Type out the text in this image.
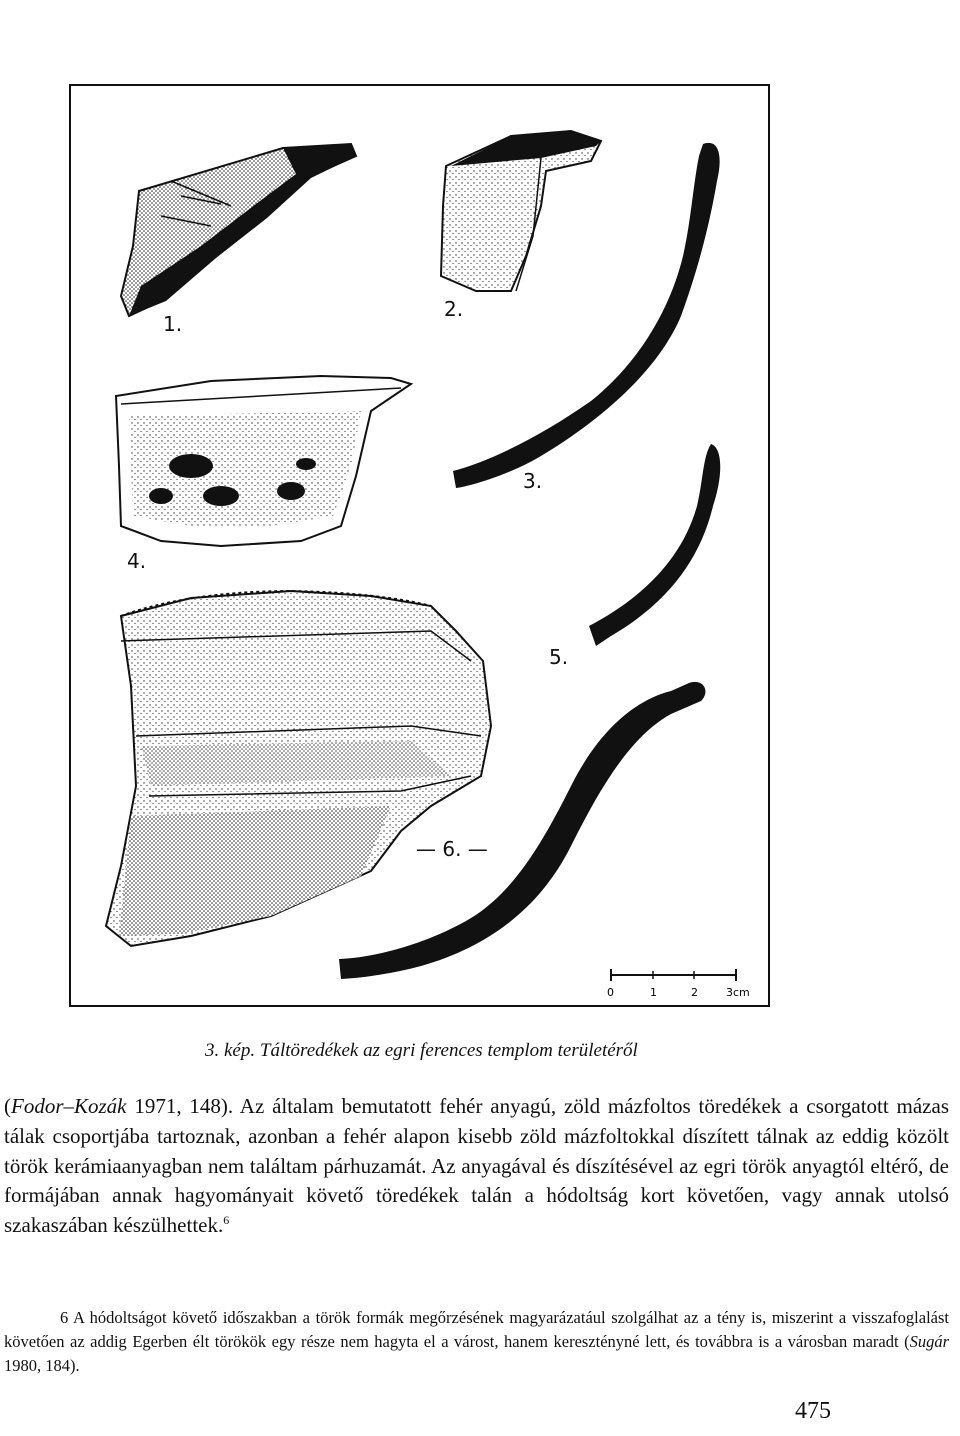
1.
2.
3.
4.
5.
— 6. —
0	1	2	3cm
3. kép. Táltöredékek az egri ferences templom területéről

(Fodor–Kozák 1971, 148). Az általam bemutatott fehér anyagú, zöld mázfoltos töredékek a csorgatott mázas tálak csoportjába tartoznak, azonban a fehér alapon kisebb zöld mázfoltokkal díszített tálnak az eddig közölt török kerámiaanyagban nem találtam párhuzamát. Az anyagával és díszítésével az egri török anyagtól eltérő, de formájában annak hagyományait követő töredékek talán a hódoltság kort követően, vagy annak utolsó szakaszában készülhettek.$^6$

6 A hódoltságot követő időszakban a török formák megőrzésének magyarázatául szolgálhat az a tény is, miszerint a visszafoglalást követően az addig Egerben élt törökök egy része nem hagyta el a várost, hanem keresztényné lett, és továbbra is a városban maradt (Sugár 1980, 184).

475
